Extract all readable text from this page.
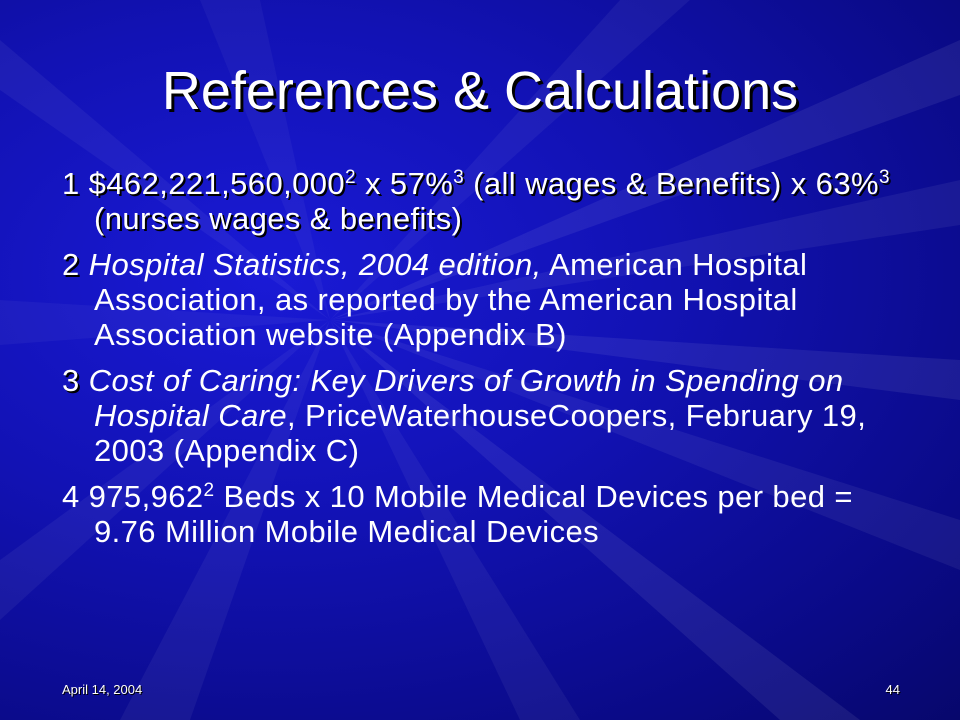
References & Calculations

1 $462,221,560,000$^2$ x 57%$^3$ (all wages & Benefits) x 63%$^3$ (nurses wages & benefits)

2 Hospital Statistics, 2004 edition, American Hospital Association, as reported by the American Hospital Association website (Appendix B)

3 Cost of Caring: Key Drivers of Growth in Spending on Hospital Care, PriceWaterhouseCoopers, February 19, 2003 (Appendix C)

4 975,962$^2$ Beds x 10 Mobile Medical Devices per bed = 9.76 Million Mobile Medical Devices

April 14, 2004	44
